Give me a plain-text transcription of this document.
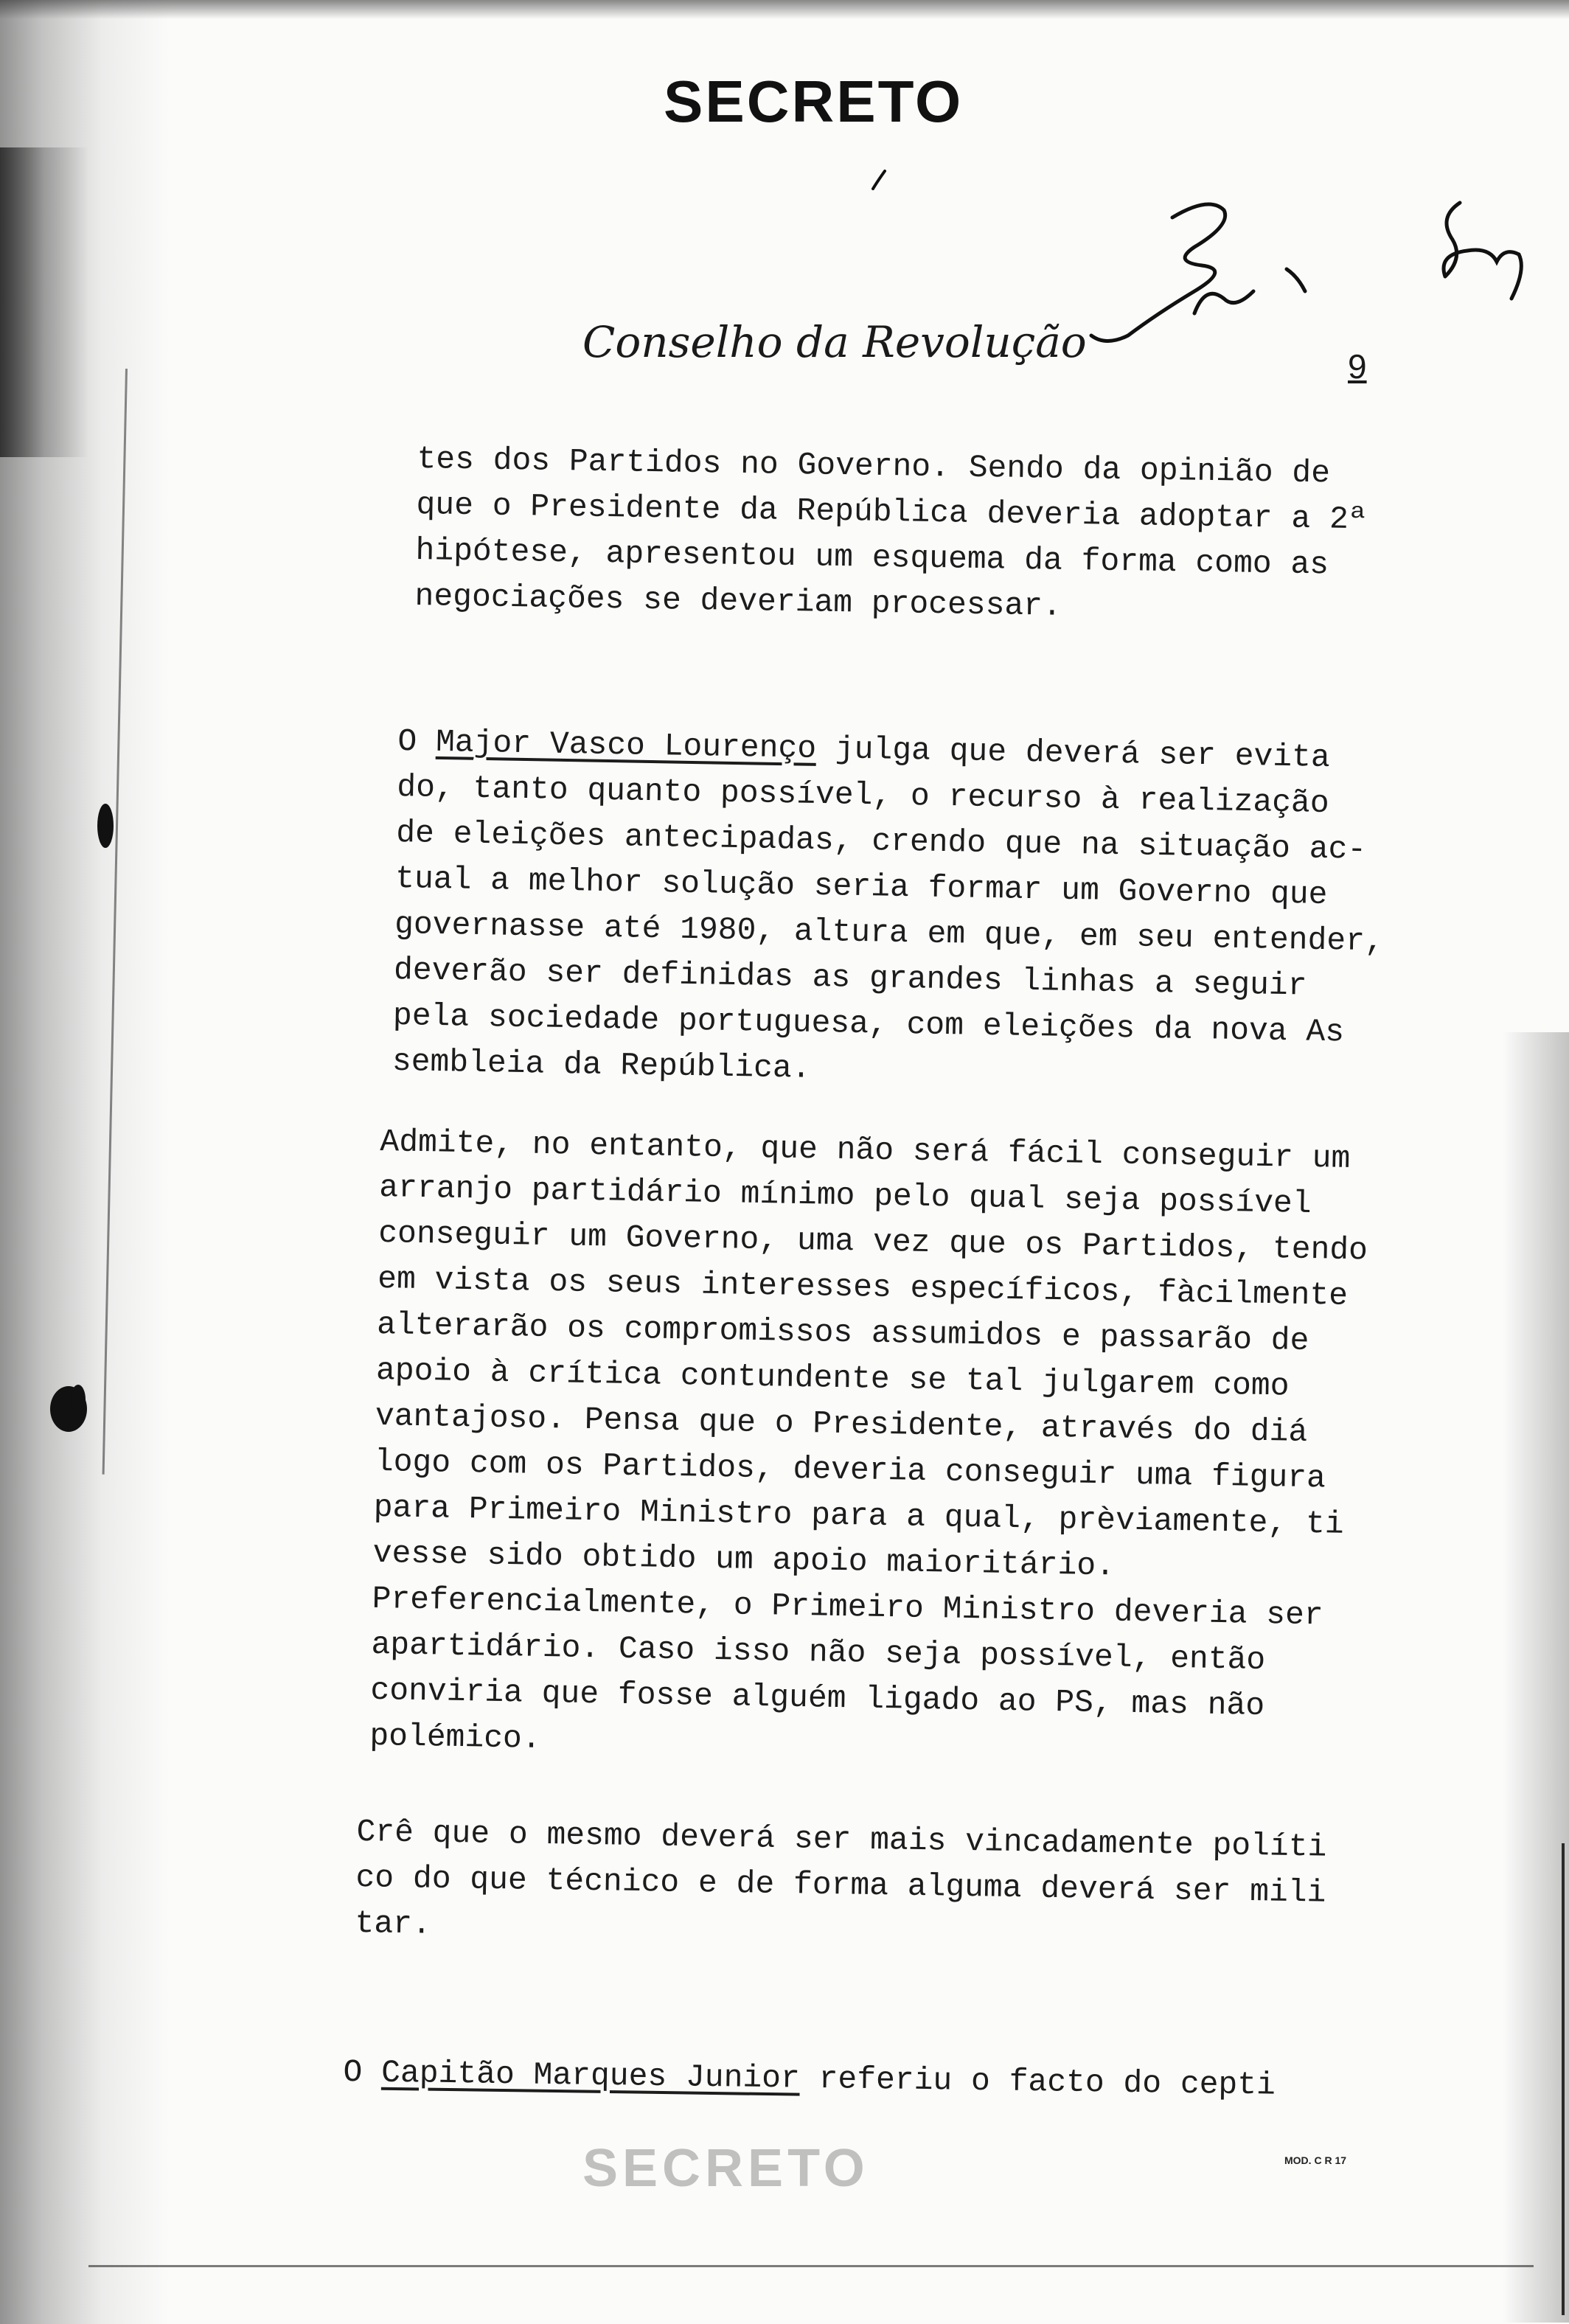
SECRETO
Conselho da Revolução	9
tes dos Partidos no Governo. Sendo da opinião de
que o Presidente da República deveria adoptar a 2ª
hipótese, apresentou um esquema da forma como as
negociações se deveriam processar.
O Major Vasco Lourenço julga que deverá ser evita
do, tanto quanto possível, o recurso à realização
de eleições antecipadas, crendo que na situação ac-
tual a melhor solução seria formar um Governo que
governasse até 1980, altura em que, em seu entender,
deverão ser definidas as grandes linhas a seguir
pela sociedade portuguesa, com eleições da nova As
sembleia da República.
Admite, no entanto, que não será fácil conseguir um
arranjo partidário mínimo pelo qual seja possível
conseguir um Governo, uma vez que os Partidos, tendo
em vista os seus interesses específicos, fàcilmente
alterarão os compromissos assumidos e passarão de
apoio à crítica contundente se tal julgarem como
vantajoso. Pensa que o Presidente, através do diá
logo com os Partidos, deveria conseguir uma figura
para Primeiro Ministro para a qual, prèviamente, ti
vesse sido obtido um apoio maioritário.
Preferencialmente, o Primeiro Ministro deveria ser
apartidário. Caso isso não seja possível, então
conviria que fosse alguém ligado ao PS, mas não
polémico.
Crê que o mesmo deverá ser mais vincadamente políti
co do que técnico e de forma alguma deverá ser mili
tar.
O Capitão Marques Junior referiu o facto do cepti
MOD. C R 17
SECRETO
